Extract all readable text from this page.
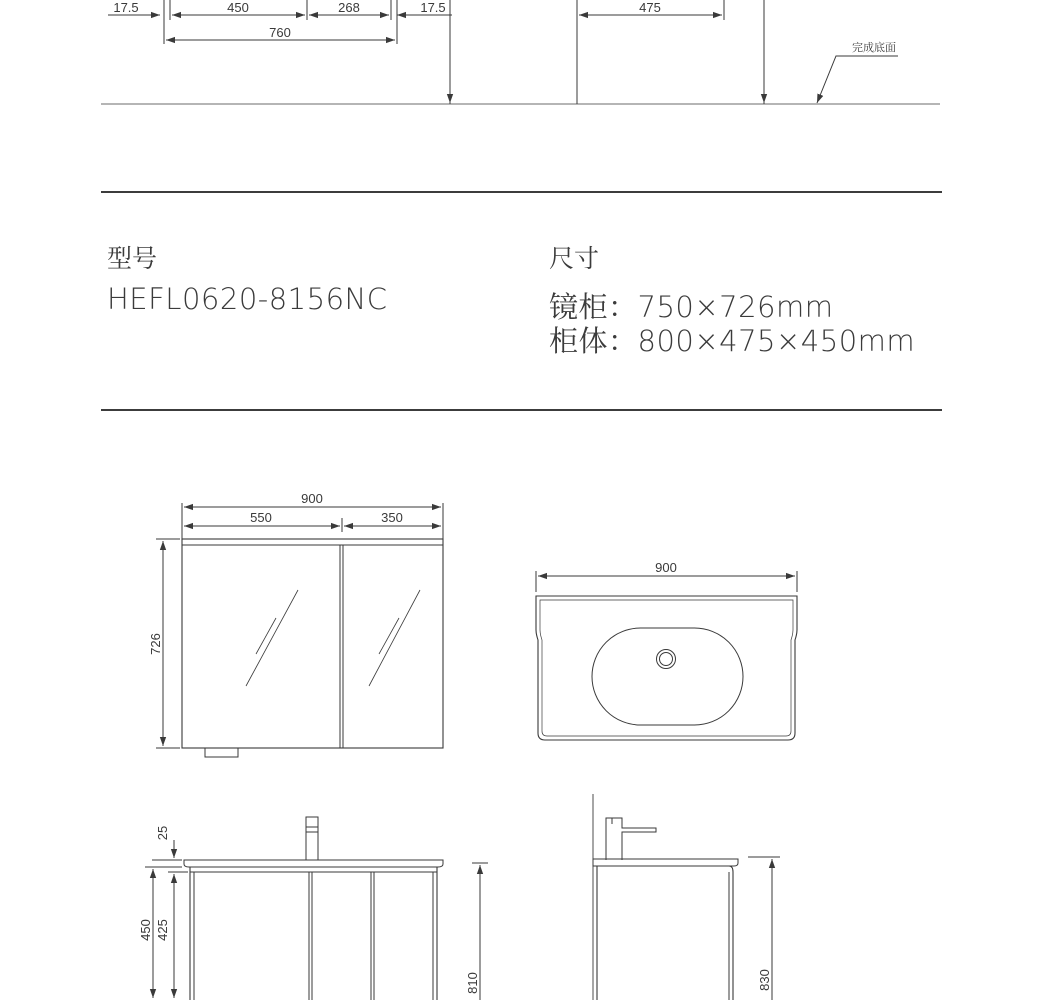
17.5	450	268	17.5
760
475
完成底面
900
550	350
726
900
25
450 425
810	830
型号
HEFL0620-8156NC
尺寸
镜柜：750×726mm
柜体：800×475×450mm
